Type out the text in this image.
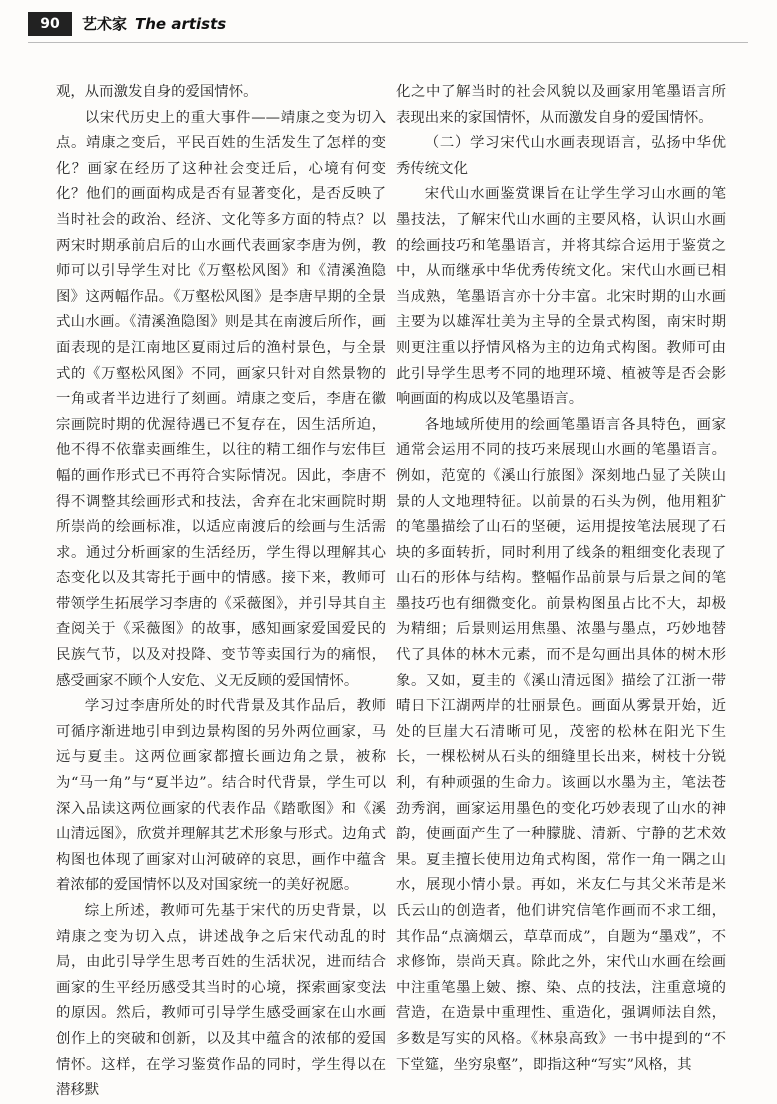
90	艺术家 The artists

观，从而激发自身的爱国情怀。

以宋代历史上的重大事件——靖康之变为切入点。靖康之变后，平民百姓的生活发生了怎样的变化？画家在经历了这种社会变迁后，心境有何变化？他们的画面构成是否有显著变化，是否反映了当时社会的政治、经济、文化等多方面的特点？以两宋时期承前启后的山水画代表画家李唐为例，教师可以引导学生对比《万壑松风图》和《清溪渔隐图》这两幅作品。《万壑松风图》是李唐早期的全景式山水画。《清溪渔隐图》则是其在南渡后所作，画面表现的是江南地区夏雨过后的渔村景色，与全景式的《万壑松风图》不同，画家只针对自然景物的一角或者半边进行了刻画。靖康之变后，李唐在徽宗画院时期的优渥待遇已不复存在，因生活所迫，他不得不依靠卖画维生，以往的精工细作与宏伟巨幅的画作形式已不再符合实际情况。因此，李唐不得不调整其绘画形式和技法，舍弃在北宋画院时期所崇尚的绘画标准，以适应南渡后的绘画与生活需求。通过分析画家的生活经历，学生得以理解其心态变化以及其寄托于画中的情感。接下来，教师可带领学生拓展学习李唐的《采薇图》，并引导其自主查阅关于《采薇图》的故事，感知画家爱国爱民的民族气节，以及对投降、变节等卖国行为的痛恨，感受画家不顾个人安危、义无反顾的爱国情怀。

学习过李唐所处的时代背景及其作品后，教师可循序渐进地引申到边景构图的另外两位画家，马远与夏圭。这两位画家都擅长画边角之景，被称为“马一角”与“夏半边”。结合时代背景，学生可以深入品读这两位画家的代表作品《踏歌图》和《溪山清远图》，欣赏并理解其艺术形象与形式。边角式构图也体现了画家对山河破碎的哀思，画作中蕴含着浓郁的爱国情怀以及对国家统一的美好祝愿。

综上所述，教师可先基于宋代的历史背景，以靖康之变为切入点，讲述战争之后宋代动乱的时局，由此引导学生思考百姓的生活状况，进而结合画家的生平经历感受其当时的心境，探索画家变法的原因。然后，教师可引导学生感受画家在山水画创作上的突破和创新，以及其中蕴含的浓郁的爱国情怀。这样，在学习鉴赏作品的同时，学生得以在潜移默

化之中了解当时的社会风貌以及画家用笔墨语言所表现出来的家国情怀，从而激发自身的爱国情怀。

（二）学习宋代山水画表现语言，弘扬中华优秀传统文化

宋代山水画鉴赏课旨在让学生学习山水画的笔墨技法，了解宋代山水画的主要风格，认识山水画的绘画技巧和笔墨语言，并将其综合运用于鉴赏之中，从而继承中华优秀传统文化。宋代山水画已相当成熟，笔墨语言亦十分丰富。北宋时期的山水画主要为以雄浑壮美为主导的全景式构图，南宋时期则更注重以抒情风格为主的边角式构图。教师可由此引导学生思考不同的地理环境、植被等是否会影响画面的构成以及笔墨语言。

各地域所使用的绘画笔墨语言各具特色，画家通常会运用不同的技巧来展现山水画的笔墨语言。例如，范宽的《溪山行旅图》深刻地凸显了关陕山景的人文地理特征。以前景的石头为例，他用粗犷的笔墨描绘了山石的坚硬，运用提按笔法展现了石块的多面转折，同时利用了线条的粗细变化表现了山石的形体与结构。整幅作品前景与后景之间的笔墨技巧也有细微变化。前景构图虽占比不大，却极为精细；后景则运用焦墨、浓墨与墨点，巧妙地替代了具体的林木元素，而不是勾画出具体的树木形象。又如，夏圭的《溪山清远图》描绘了江浙一带晴日下江湖两岸的壮丽景色。画面从雾景开始，近处的巨崖大石清晰可见，茂密的松林在阳光下生长，一棵松树从石头的细缝里长出来，树枝十分锐利，有种顽强的生命力。该画以水墨为主，笔法苍劲秀润，画家运用墨色的变化巧妙表现了山水的神韵，使画面产生了一种朦胧、清新、宁静的艺术效果。夏圭擅长使用边角式构图，常作一角一隅之山水，展现小情小景。再如，米友仁与其父米芾是米氏云山的创造者，他们讲究信笔作画而不求工细，其作品“点滴烟云，草草而成”，自题为“墨戏”，不求修饰，崇尚天真。除此之外，宋代山水画在绘画中注重笔墨上皴、擦、染、点的技法，注重意境的营造，在造景中重理性、重造化，强调师法自然，多数是写实的风格。《林泉高致》一书中提到的“不下堂筵，坐穷泉壑”，即指这种“写实”风格，其
